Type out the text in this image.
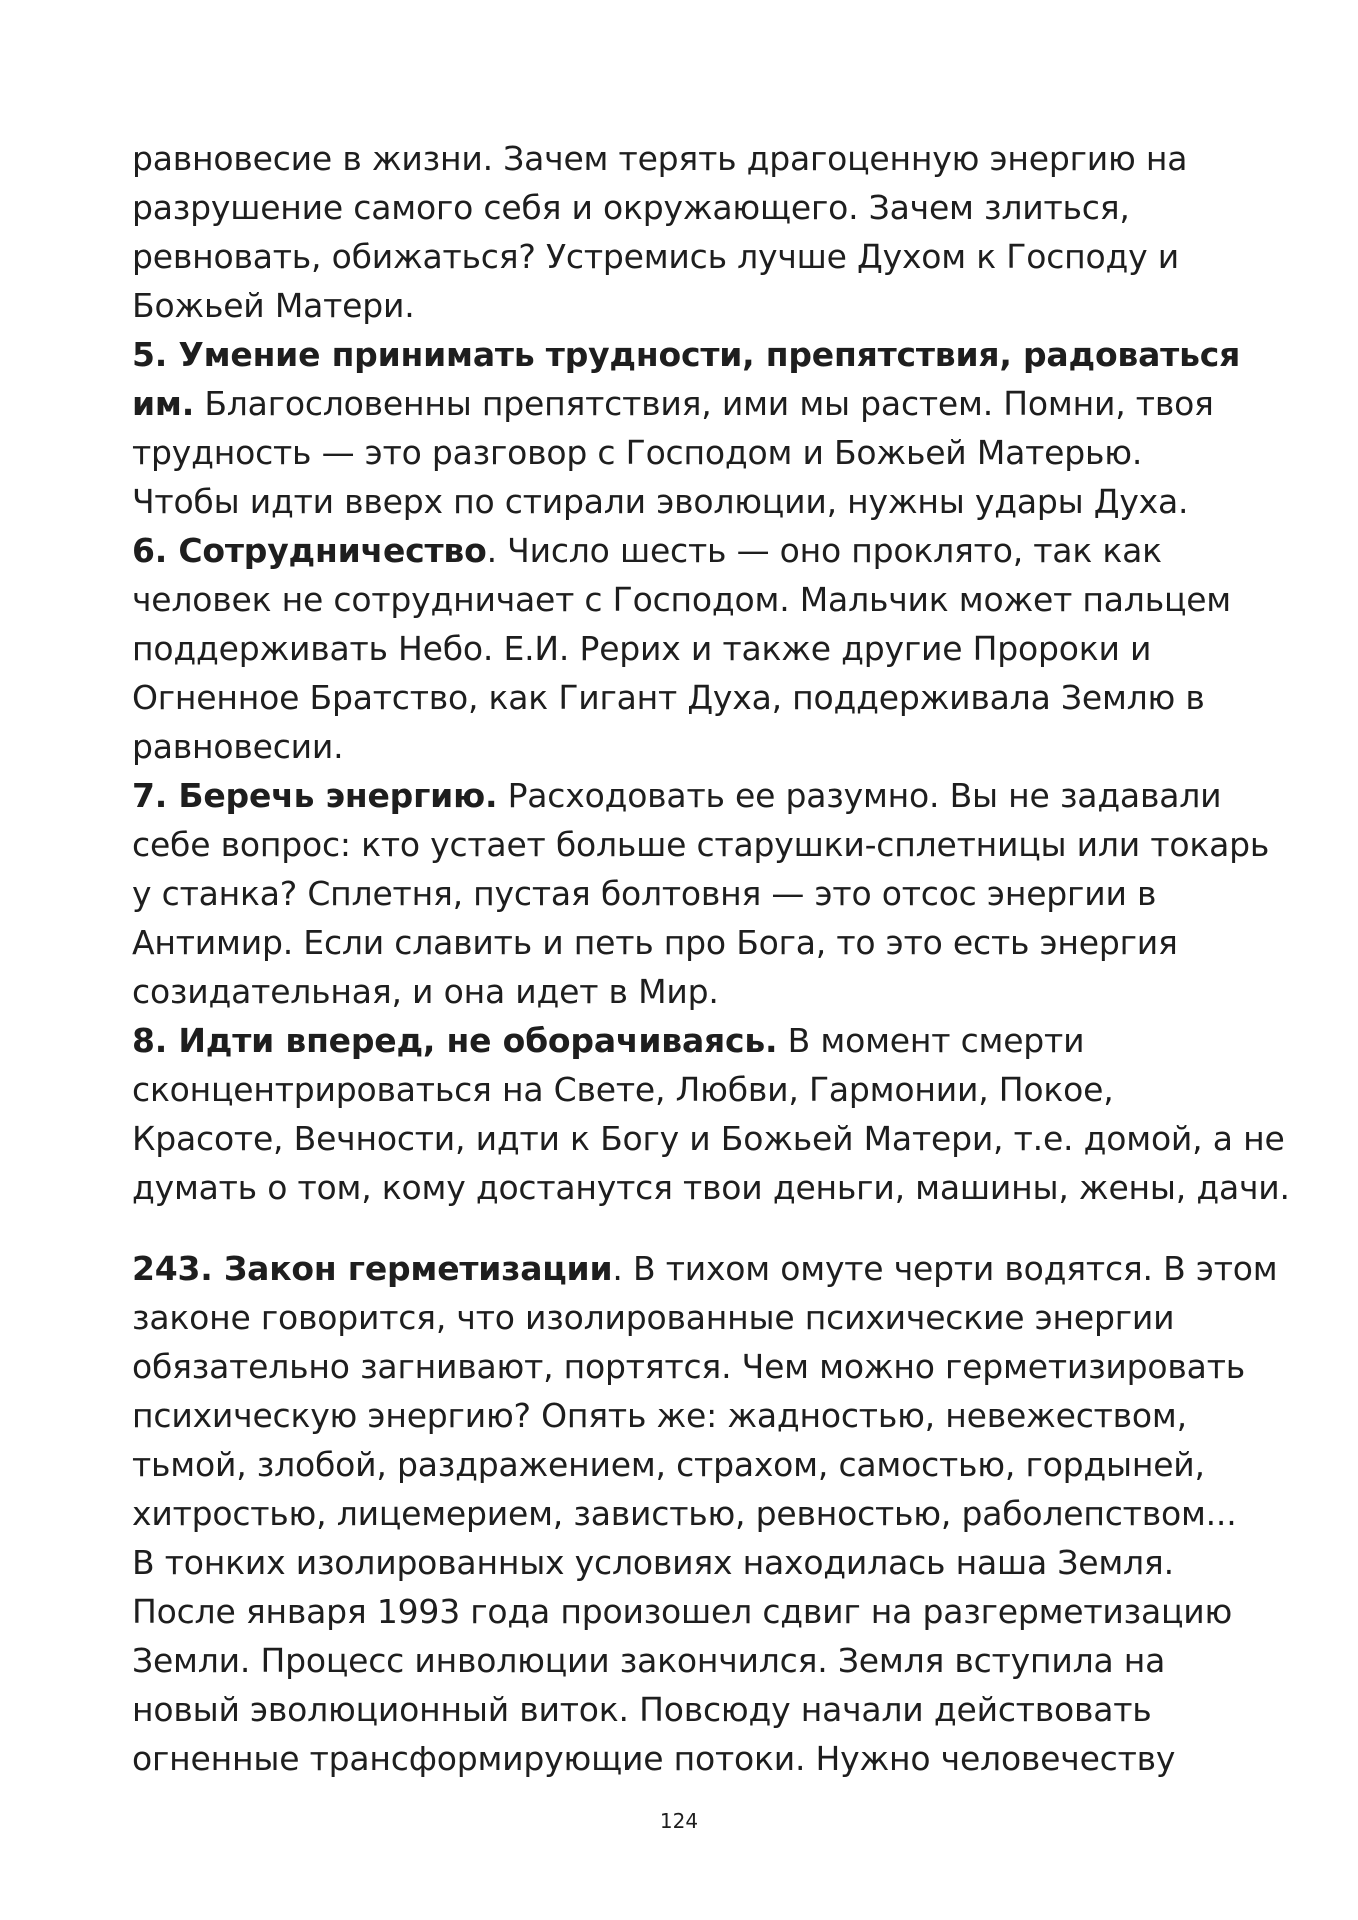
равновесие в жизни. Зачем терять драгоценную энергию на
разрушение самого себя и окружающего. Зачем злиться,
ревновать, обижаться? Устремись лучше Духом к Господу и
Божьей Матери.
5. Умение принимать трудности, препятствия, радоваться
им. Благословенны препятствия, ими мы растем. Помни, твоя
трудность — это разговор с Господом и Божьей Матерью.
Чтобы идти вверх по стирали эволюции, нужны удары Духа.
6. Сотрудничество. Число шесть — оно проклято, так как
человек не сотрудничает с Господом. Мальчик может пальцем
поддерживать Небо. Е.И. Рерих и также другие Пророки и
Огненное Братство, как Гигант Духа, поддерживала Землю в
равновесии.
7. Беречь энергию. Расходовать ее разумно. Вы не задавали
себе вопрос: кто устает больше старушки-сплетницы или токарь
у станка? Сплетня, пустая болтовня — это отсос энергии в
Антимир. Если славить и петь про Бога, то это есть энергия
созидательная, и она идет в Мир.
8. Идти вперед, не оборачиваясь. В момент смерти
сконцентрироваться на Свете, Любви, Гармонии, Покое,
Красоте, Вечности, идти к Богу и Божьей Матери, т.е. домой, а не
думать о том, кому достанутся твои деньги, машины, жены, дачи.
243. Закон герметизации. В тихом омуте черти водятся. В этом
законе говорится, что изолированные психические энергии
обязательно загнивают, портятся. Чем можно герметизировать
психическую энергию? Опять же: жадностью, невежеством,
тьмой, злобой, раздражением, страхом, самостью, гордыней,
хитростью, лицемерием, завистью, ревностью, раболепством...
В тонких изолированных условиях находилась наша Земля.
После января 1993 года произошел сдвиг на разгерметизацию
Земли. Процесс инволюции закончился. Земля вступила на
новый эволюционный виток. Повсюду начали действовать
огненные трансформирующие потоки. Нужно человечеству
124
